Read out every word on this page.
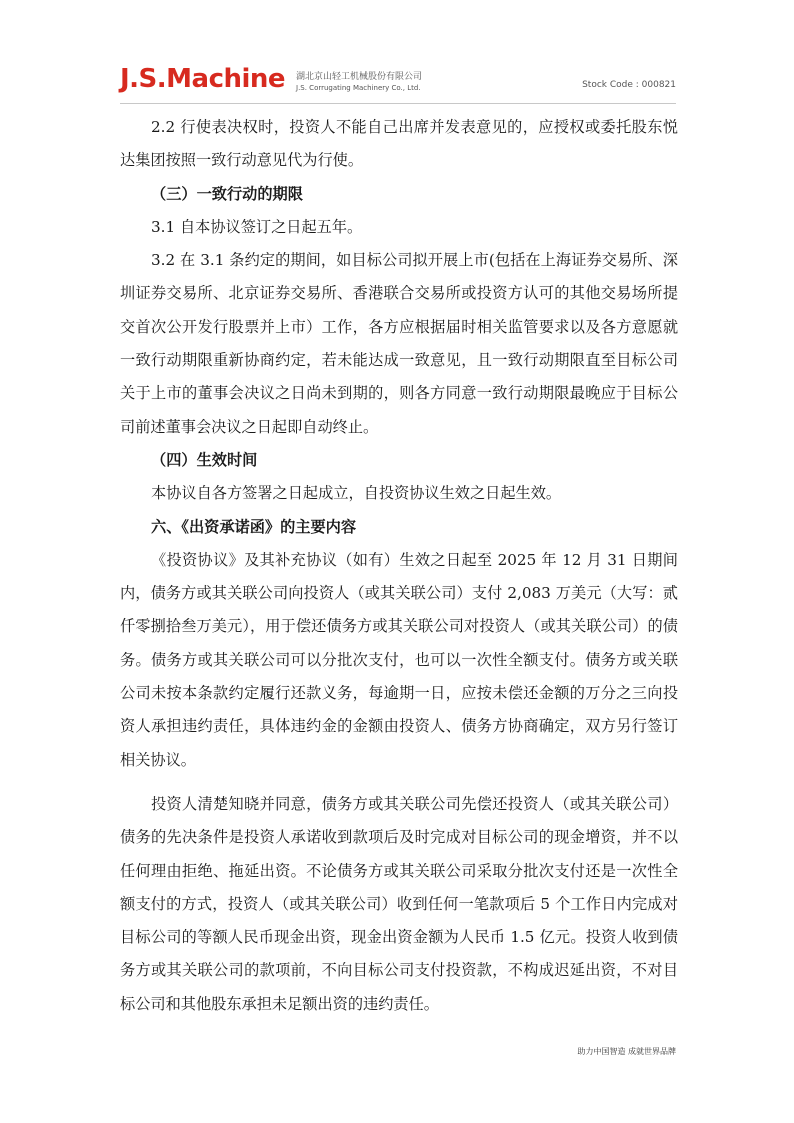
J.S.Machine 湖北京山轻工机械股份有限公司
J.S. Corrugating Machinery Co., Ltd.	Stock Code : 000821

2.2 行使表决权时，投资人不能自己出席并发表意见的，应授权或委托股东悦达集团按照一致行动意见代为行使。

（三）一致行动的期限

3.1 自本协议签订之日起五年。

3.2 在 3.1 条约定的期间，如目标公司拟开展上市(包括在上海证券交易所、深圳证券交易所、北京证券交易所、香港联合交易所或投资方认可的其他交易场所提交首次公开发行股票并上市）工作，各方应根据届时相关监管要求以及各方意愿就一致行动期限重新协商约定，若未能达成一致意见，且一致行动期限直至目标公司关于上市的董事会决议之日尚未到期的，则各方同意一致行动期限最晚应于目标公司前述董事会决议之日起即自动终止。

（四）生效时间

本协议自各方签署之日起成立，自投资协议生效之日起生效。

六、《出资承诺函》的主要内容

《投资协议》及其补充协议（如有）生效之日起至 2025 年 12 月 31 日期间内，债务方或其关联公司向投资人（或其关联公司）支付 2,083 万美元（大写：贰仟零捌拾叁万美元），用于偿还债务方或其关联公司对投资人（或其关联公司）的债务。债务方或其关联公司可以分批次支付，也可以一次性全额支付。债务方或关联公司未按本条款约定履行还款义务，每逾期一日，应按未偿还金额的万分之三向投资人承担违约责任，具体违约金的金额由投资人、债务方协商确定，双方另行签订相关协议。

投资人清楚知晓并同意，债务方或其关联公司先偿还投资人（或其关联公司）债务的先决条件是投资人承诺收到款项后及时完成对目标公司的现金增资，并不以任何理由拒绝、拖延出资。不论债务方或其关联公司采取分批次支付还是一次性全额支付的方式，投资人（或其关联公司）收到任何一笔款项后 5 个工作日内完成对目标公司的等额人民币现金出资，现金出资金额为人民币 1.5 亿元。投资人收到债务方或其关联公司的款项前，不向目标公司支付投资款，不构成迟延出资，不对目标公司和其他股东承担未足额出资的违约责任。

助力中国智造 成就世界品牌
